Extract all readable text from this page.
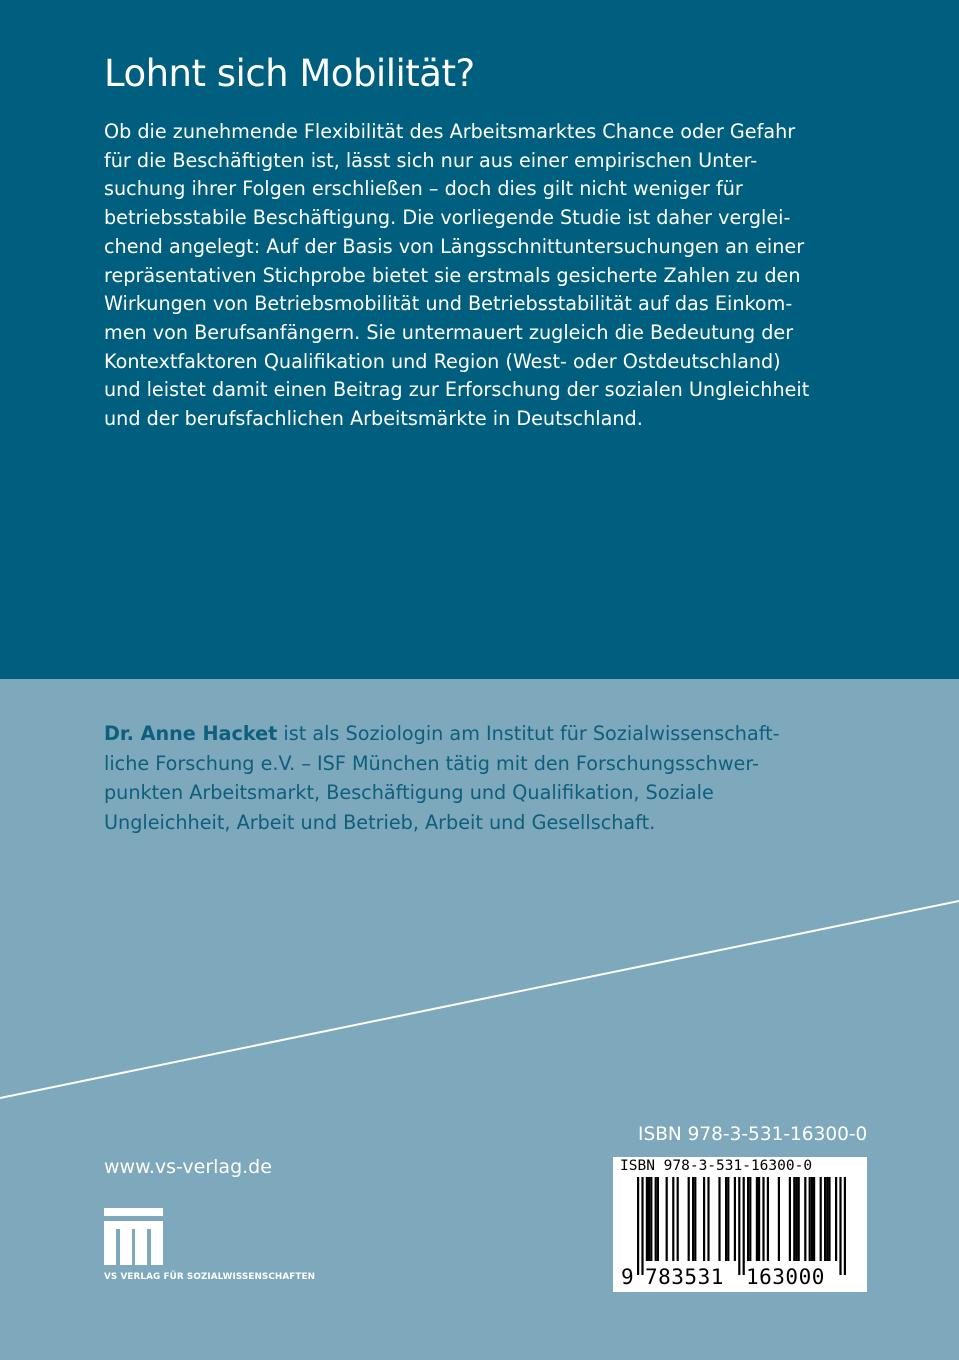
Lohnt sich Mobilität?
Ob die zunehmende Flexibilität des Arbeitsmarktes Chance oder Gefahr
für die Beschäftigten ist, lässt sich nur aus einer empirischen Unter-
suchung ihrer Folgen erschließen – doch dies gilt nicht weniger für
betriebsstabile Beschäftigung. Die vorliegende Studie ist daher verglei-
chend angelegt: Auf der Basis von Längsschnittuntersuchungen an einer
repräsentativen Stichprobe bietet sie erstmals gesicherte Zahlen zu den
Wirkungen von Betriebsmobilität und Betriebsstabilität auf das Einkom-
men von Berufsanfängern. Sie untermauert zugleich die Bedeutung der
Kontextfaktoren Qualifikation und Region (West- oder Ostdeutschland)
und leistet damit einen Beitrag zur Erforschung der sozialen Ungleichheit
und der berufsfachlichen Arbeitsmärkte in Deutschland.
Dr. Anne Hacket ist als Soziologin am Institut für Sozialwissenschaft-
liche Forschung e.V. – ISF München tätig mit den Forschungsschwer-
punkten Arbeitsmarkt, Beschäftigung und Qualifikation, Soziale
Ungleichheit, Arbeit und Betrieb, Arbeit und Gesellschaft.
ISBN 978-3-531-16300-0
www.vs-verlag.de	ISBN 978-3-531-16300-0
9 783531 163000
VS VERLAG FÜR SOZIALWISSENSCHAFTEN
